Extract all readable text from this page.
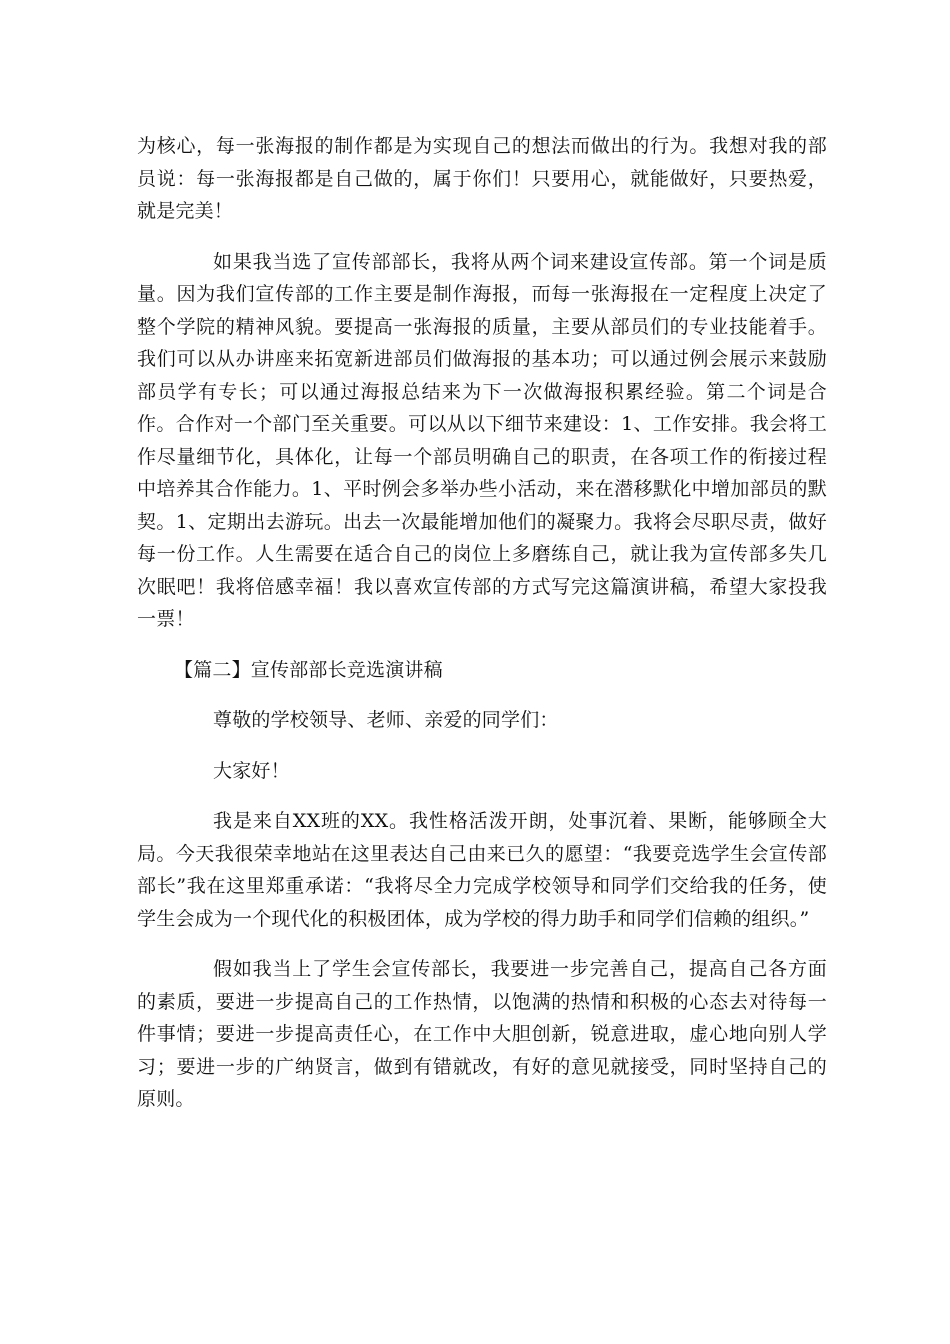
为核心，每一张海报的制作都是为实现自己的想法而做出的行为。我想对我的部员说：每一张海报都是自己做的，属于你们！只要用心，就能做好，只要热爱，就是完美！

如果我当选了宣传部部长，我将从两个词来建设宣传部。第一个词是质量。因为我们宣传部的工作主要是制作海报，而每一张海报在一定程度上决定了整个学院的精神风貌。要提高一张海报的质量，主要从部员们的专业技能着手。我们可以从办讲座来拓宽新进部员们做海报的基本功；可以通过例会展示来鼓励部员学有专长；可以通过海报总结来为下一次做海报积累经验。第二个词是合作。合作对一个部门至关重要。可以从以下细节来建设：1、工作安排。我会将工作尽量细节化，具体化，让每一个部员明确自己的职责，在各项工作的衔接过程中培养其合作能力。1、平时例会多举办些小活动，来在潜移默化中增加部员的默契。1、定期出去游玩。出去一次最能增加他们的凝聚力。我将会尽职尽责，做好每一份工作。人生需要在适合自己的岗位上多磨练自己，就让我为宣传部多失几次眠吧！我将倍感幸福！我以喜欢宣传部的方式写完这篇演讲稿，希望大家投我一票！

【篇二】宣传部部长竞选演讲稿

尊敬的学校领导、老师、亲爱的同学们：

大家好！

我是来自XX班的XX。我性格活泼开朗，处事沉着、果断，能够顾全大局。今天我很荣幸地站在这里表达自己由来已久的愿望：“我要竞选学生会宣传部部长”我在这里郑重承诺：“我将尽全力完成学校领导和同学们交给我的任务，使学生会成为一个现代化的积极团体，成为学校的得力助手和同学们信赖的组织。”

假如我当上了学生会宣传部长，我要进一步完善自己，提高自己各方面的素质，要进一步提高自己的工作热情，以饱满的热情和积极的心态去对待每一件事情；要进一步提高责任心，在工作中大胆创新，锐意进取，虚心地向别人学习；要进一步的广纳贤言，做到有错就改，有好的意见就接受，同时坚持自己的原则。
